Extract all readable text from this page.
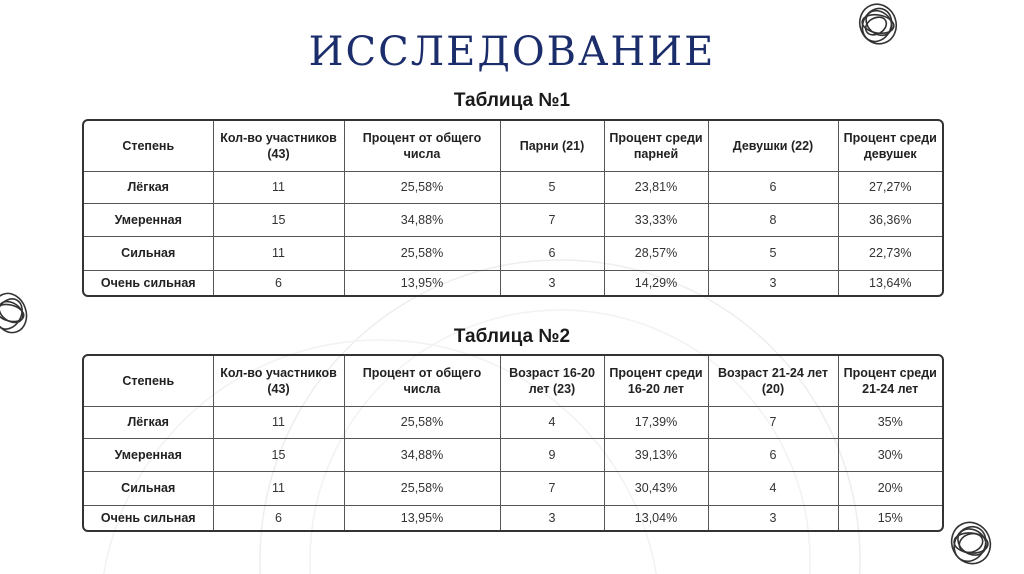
ИССЛЕДОВАНИЕ
Таблица №1
Степень	Кол-во участников (43)	Процент от общего числа	Парни (21)	Процент среди парней	Девушки (22)	Процент среди девушек
Лёгкая	11	25,58%	5	23,81%	6	27,27%
Умеренная	15	34,88%	7	33,33%	8	36,36%
Сильная	11	25,58%	6	28,57%	5	22,73%
Очень сильная	6	13,95%	3	14,29%	3	13,64%
Таблица №2
Степень	Кол-во участников (43)	Процент от общего числа	Возраст 16-20 лет (23)	Процент среди 16-20 лет	Возраст 21-24 лет (20)	Процент среди 21-24 лет
Лёгкая	11	25,58%	4	17,39%	7	35%
Умеренная	15	34,88%	9	39,13%	6	30%
Сильная	11	25,58%	7	30,43%	4	20%
Очень сильная	6	13,95%	3	13,04%	3	15%
